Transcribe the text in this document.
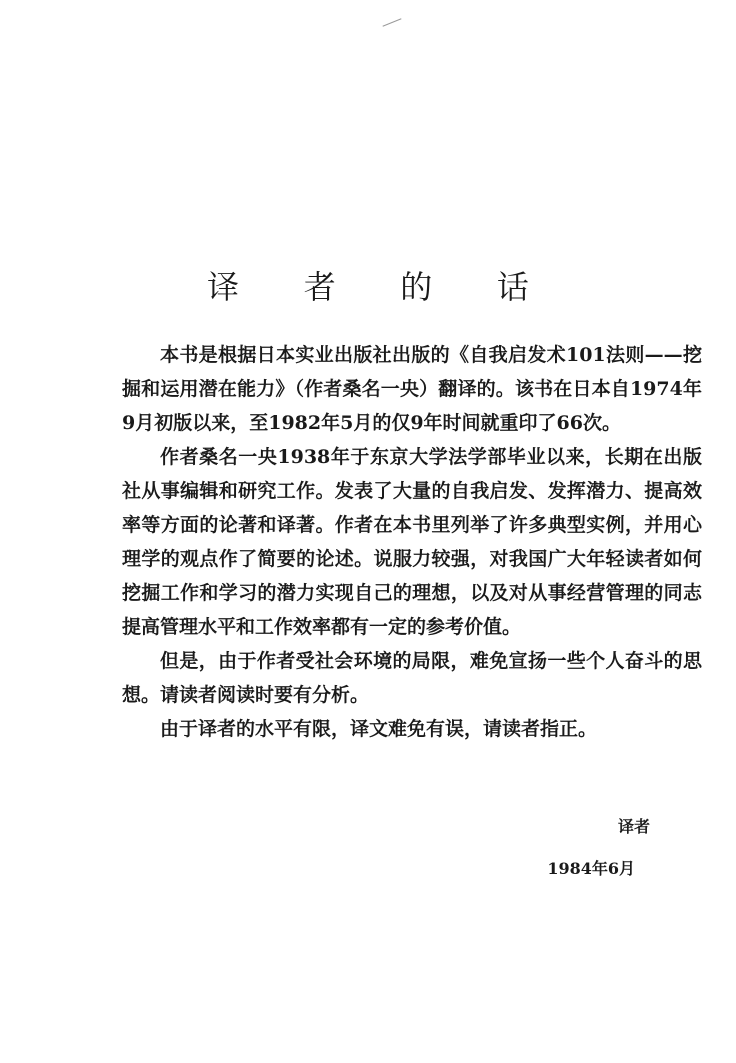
译 者 的 话

本书是根据日本实业出版社出版的《自我启发术101法则——挖掘和运用潜在能力》（作者桑名一央）翻译的。该书在日本自1974年9月初版以来，至1982年5月的仅9年时间就重印了66次。

作者桑名一央1938年于东京大学法学部毕业以来，长期在出版社从事编辑和研究工作。发表了大量的自我启发、发挥潜力、提高效率等方面的论著和译著。作者在本书里列举了许多典型实例，并用心理学的观点作了简要的论述。说服力较强，对我国广大年轻读者如何挖掘工作和学习的潜力实现自己的理想，以及对从事经营管理的同志提高管理水平和工作效率都有一定的参考价值。

但是，由于作者受社会环境的局限，难免宣扬一些个人奋斗的思想。请读者阅读时要有分析。

由于译者的水平有限，译文难免有误，请读者指正。

译者
1984年6月
